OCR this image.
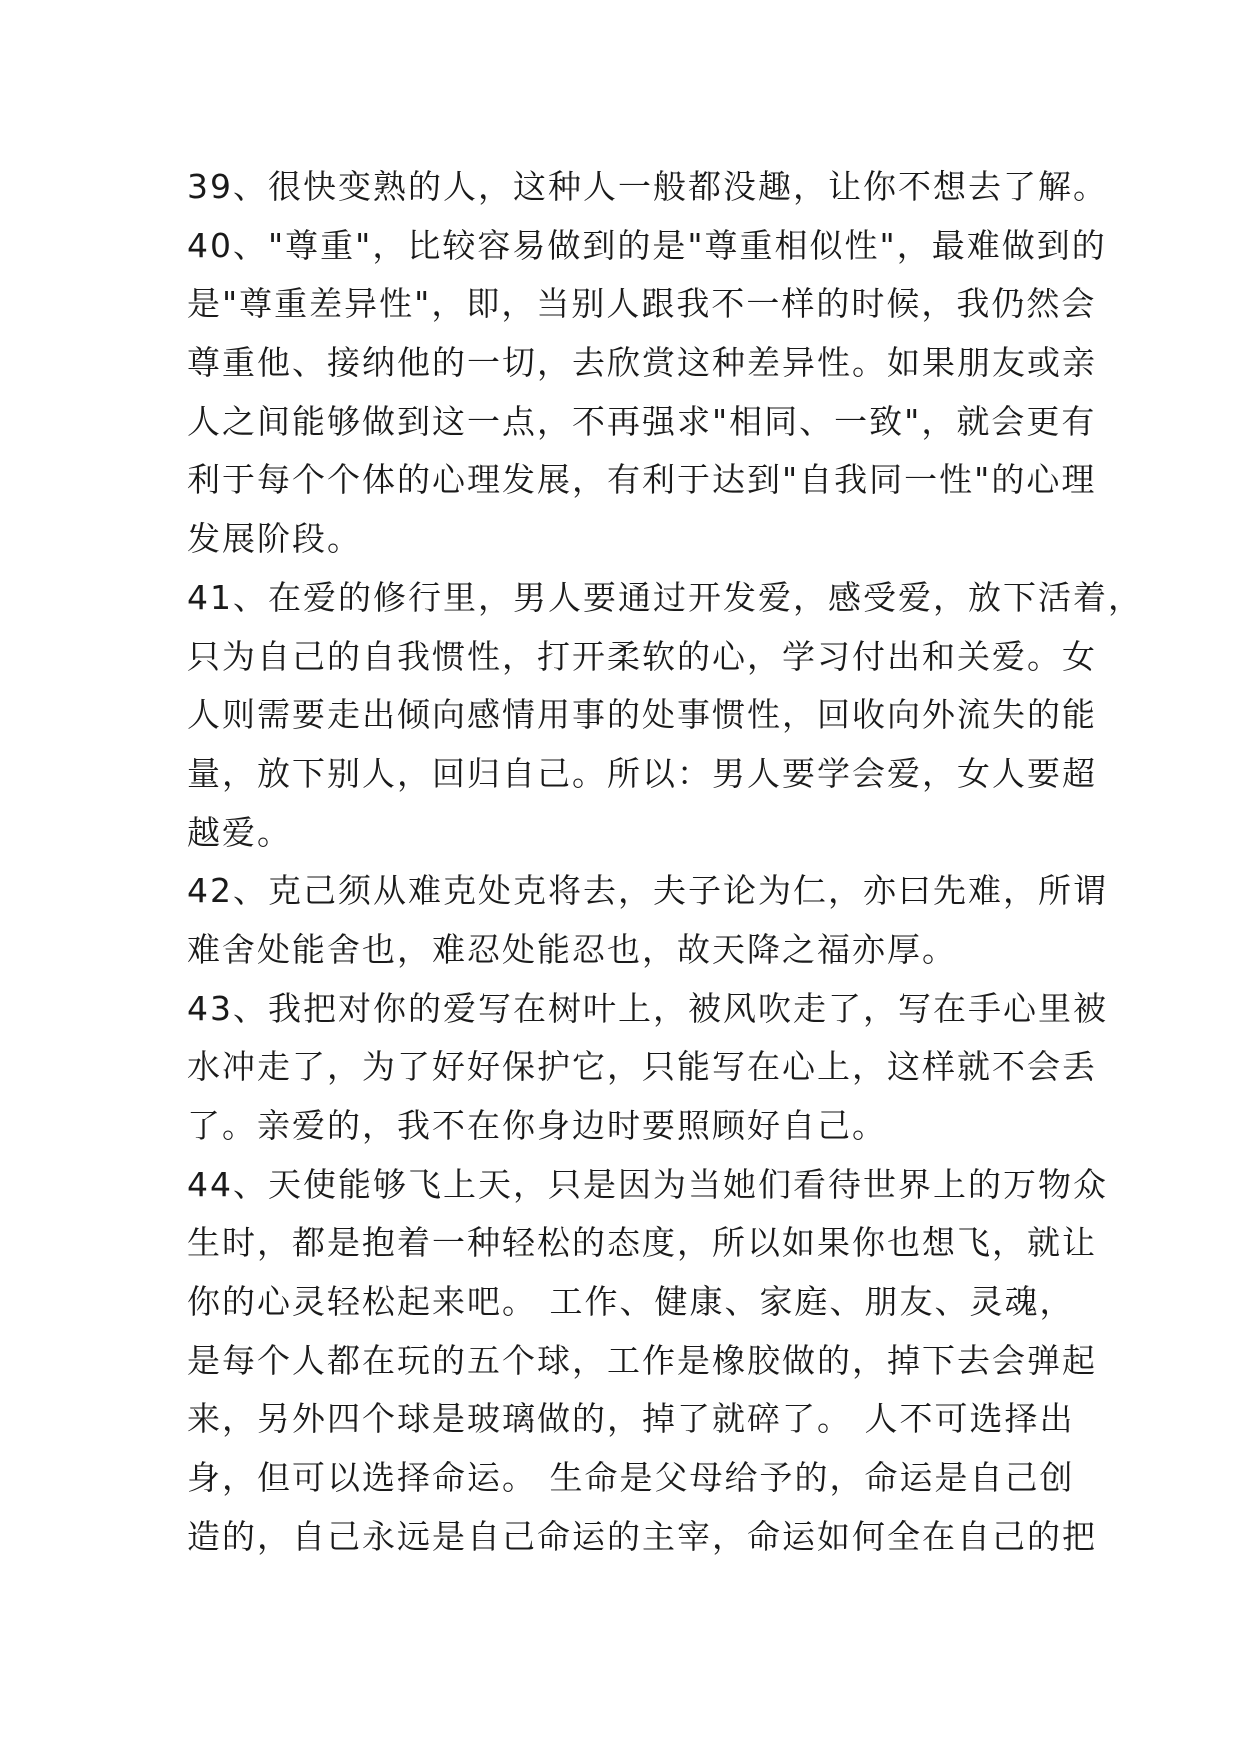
39、很快变熟的人，这种人一般都没趣，让你不想去了解。
40、"尊重"，比较容易做到的是"尊重相似性"，最难做到的
是"尊重差异性"，即，当别人跟我不一样的时候，我仍然会
尊重他、接纳他的一切，去欣赏这种差异性。如果朋友或亲
人之间能够做到这一点，不再强求"相同、一致"，就会更有
利于每个个体的心理发展，有利于达到"自我同一性"的心理
发展阶段。
41、在爱的修行里，男人要通过开发爱，感受爱，放下活着，
只为自己的自我惯性，打开柔软的心，学习付出和关爱。女
人则需要走出倾向感情用事的处事惯性，回收向外流失的能
量，放下别人，回归自己。所以：男人要学会爱，女人要超
越爱。
42、克己须从难克处克将去，夫子论为仁，亦曰先难，所谓
难舍处能舍也，难忍处能忍也，故天降之福亦厚。
43、我把对你的爱写在树叶上，被风吹走了，写在手心里被
水冲走了，为了好好保护它，只能写在心上，这样就不会丢
了。亲爱的，我不在你身边时要照顾好自己。
44、天使能够飞上天，只是因为当她们看待世界上的万物众
生时，都是抱着一种轻松的态度，所以如果你也想飞，就让
你的心灵轻松起来吧。 工作、健康、家庭、朋友、灵魂，
是每个人都在玩的五个球，工作是橡胶做的，掉下去会弹起
来，另外四个球是玻璃做的，掉了就碎了。 人不可选择出
身，但可以选择命运。 生命是父母给予的，命运是自己创
造的，自己永远是自己命运的主宰，命运如何全在自己的把
